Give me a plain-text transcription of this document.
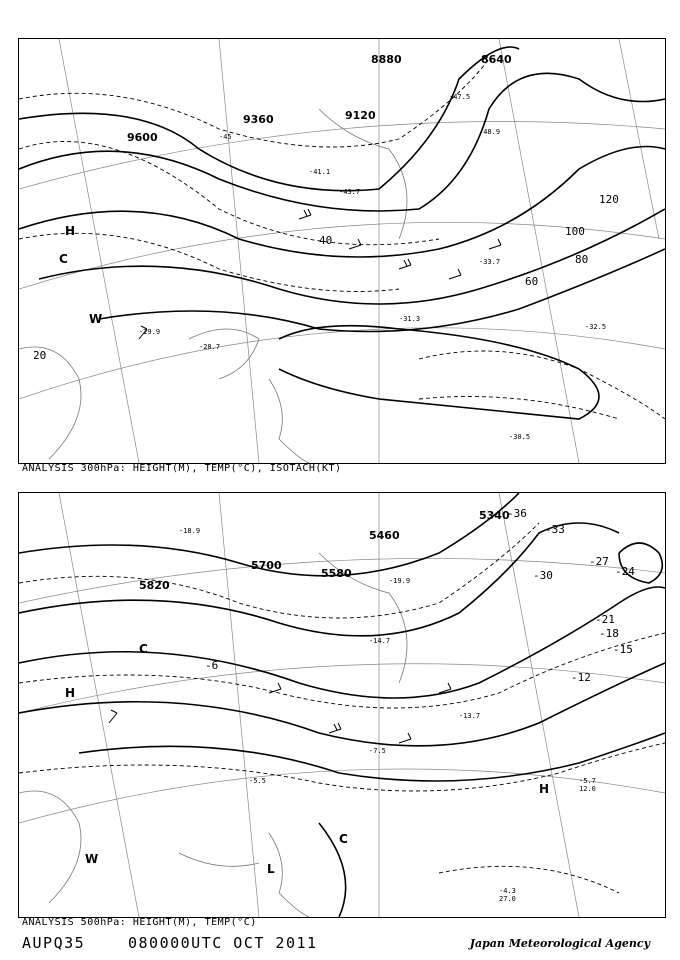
9600
9360	9120
8880	8640
40
60
80
100
120
20
-45
-41.1
-43.7
-47.5
-48.9
-33.7
-31.3
-29.9
-28.7
-30.5
-32.5
H
C
W
ANALYSIS 300hPa: HEIGHT(M), TEMP(°C), ISOTACH(KT)
5820
5700
5580
5460
5340
-6
-12
-15
-18
-21
-24
-27
-30
-33
-36
-5.7
12.0
-4.3
27.0
-13.7
-18.9
-19.9
-14.7
-7.5
-5.5
H
H
C
C
W
L
ANALYSIS 500hPa: HEIGHT(M), TEMP(°C)
AUPQ35	080000UTC OCT 2011	Japan Meteorological Agency
